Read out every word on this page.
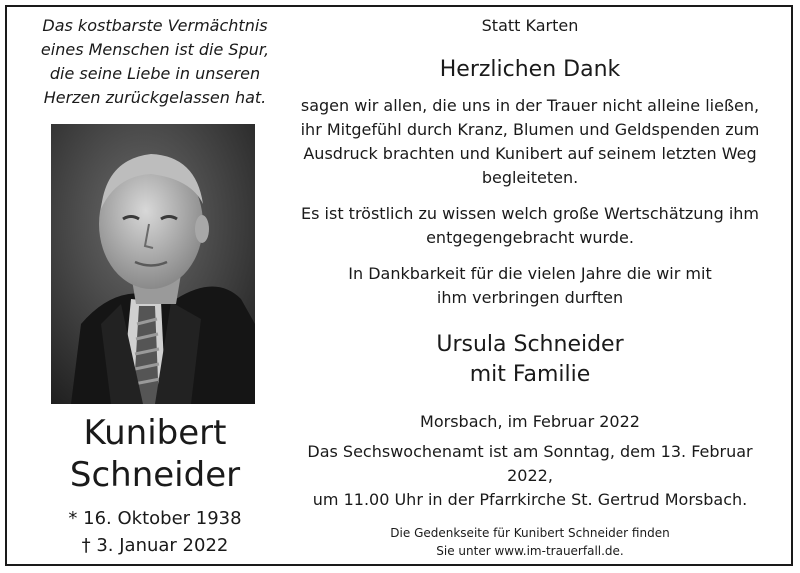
Das kostbarste Vermächtnis
eines Menschen ist die Spur,
die seine Liebe in unseren
Herzen zurückgelassen hat.

Kunibert
Schneider
* 16. Oktober 1938
† 3. Januar 2022

Statt Karten

Herzlichen Dank

sagen wir allen, die uns in der Trauer nicht alleine ließen,
ihr Mitgefühl durch Kranz, Blumen und Geldspenden zum
Ausdruck brachten und Kunibert auf seinem letzten Weg
begleiteten.

Es ist tröstlich zu wissen welch große Wertschätzung ihm
entgegengebracht wurde.

In Dankbarkeit für die vielen Jahre die wir mit
ihm verbringen durften

Ursula Schneider
mit Familie

Morsbach, im Februar 2022

Das Sechswochenamt ist am Sonntag, dem 13. Februar 2022,
um 11.00 Uhr in der Pfarrkirche St. Gertrud Morsbach.

Die Gedenkseite für Kunibert Schneider finden
Sie unter www.im-trauerfall.de.
